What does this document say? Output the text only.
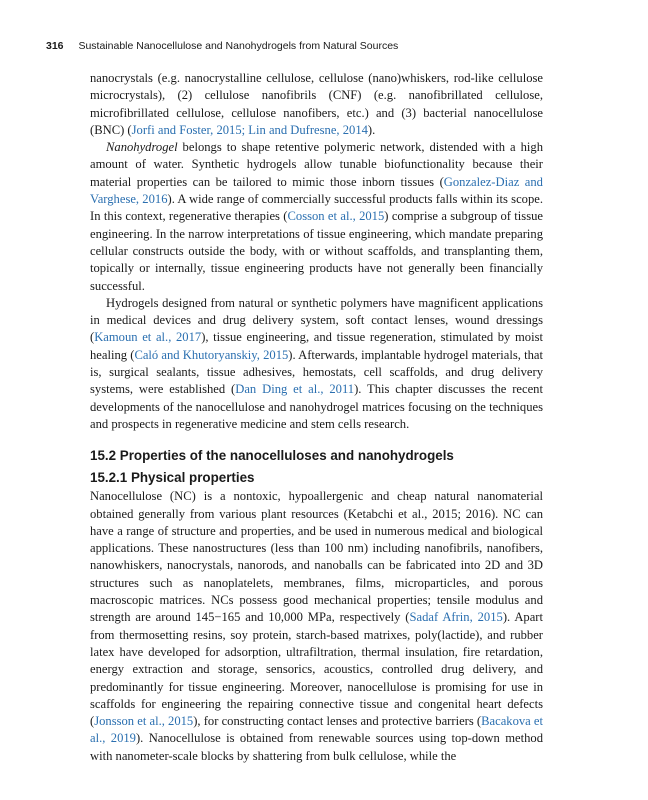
316 Sustainable Nanocellulose and Nanohydrogels from Natural Sources

nanocrystals (e.g. nanocrystalline cellulose, cellulose (nano)whiskers, rod-like cellulose microcrystals), (2) cellulose nanofibrils (CNF) (e.g. nanofibrillated cellulose, microfibrillated cellulose, cellulose nanofibers, etc.) and (3) bacterial nanocellulose (BNC) (Jorfi and Foster, 2015; Lin and Dufresne, 2014).

Nanohydrogel belongs to shape retentive polymeric network, distended with a high amount of water. Synthetic hydrogels allow tunable biofunctionality because their material properties can be tailored to mimic those inborn tissues (Gonzalez-Diaz and Varghese, 2016). A wide range of commercially successful products falls within its scope. In this context, regenerative therapies (Cosson et al., 2015) comprise a subgroup of tissue engineering. In the narrow interpretations of tissue engineering, which mandate preparing cellular constructs outside the body, with or without scaffolds, and transplanting them, topically or internally, tissue engineering products have not generally been financially successful.

Hydrogels designed from natural or synthetic polymers have magnificent applications in medical devices and drug delivery system, soft contact lenses, wound dressings (Kamoun et al., 2017), tissue engineering, and tissue regeneration, stimulated by moist healing (Caló and Khutoryanskiy, 2015). Afterwards, implantable hydrogel materials, that is, surgical sealants, tissue adhesives, hemostats, cell scaffolds, and drug delivery systems, were established (Dan Ding et al., 2011). This chapter discusses the recent developments of the nanocellulose and nanohydrogel matrices focusing on the techniques and prospects in regenerative medicine and stem cells research.

15.2 Properties of the nanocelluloses and nanohydrogels
15.2.1 Physical properties

Nanocellulose (NC) is a nontoxic, hypoallergenic and cheap natural nanomaterial obtained generally from various plant resources (Ketabchi et al., 2015; 2016). NC can have a range of structure and properties, and be used in numerous medical and biological applications. These nanostructures (less than 100 nm) including nanofibrils, nanofibers, nanowhiskers, nanocrystals, nanorods, and nanoballs can be fabricated into 2D and 3D structures such as nanoplatelets, membranes, films, microparticles, and porous macroscopic matrices. NCs possess good mechanical properties; tensile modulus and strength are around 145−165 and 10,000 MPa, respectively (Sadaf Afrin, 2015). Apart from thermosetting resins, soy protein, starch-based matrixes, poly(lactide), and rubber latex have developed for adsorption, ultrafiltration, thermal insulation, fire retardation, energy extraction and storage, sensorics, acoustics, controlled drug delivery, and predominantly for tissue engineering. Moreover, nanocellulose is promising for use in scaffolds for engineering the repairing connective tissue and congenital heart defects (Jonsson et al., 2015), for constructing contact lenses and protective barriers (Bacakova et al., 2019). Nanocellulose is obtained from renewable sources using top-down method with nanometer-scale blocks by shattering from bulk cellulose, while the
